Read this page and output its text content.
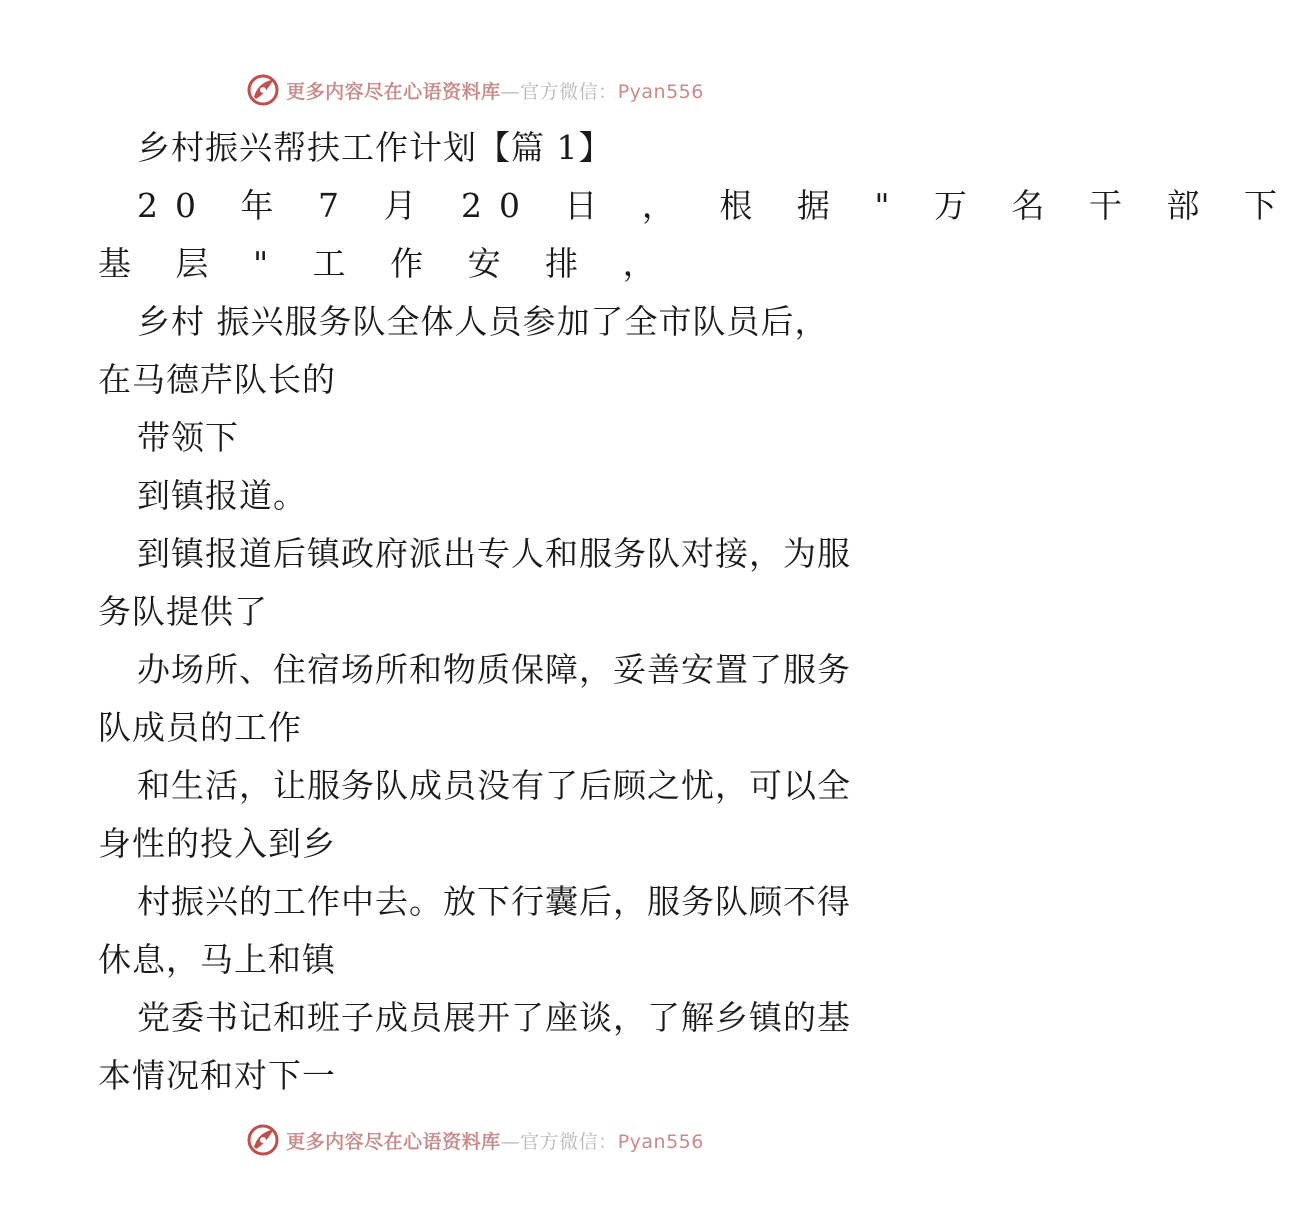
更多内容尽在心语资料库—官方微信：Pyan556

乡村振兴帮扶工作计划【篇 1】

20 年 7 月 20 日 ， 根 据 " 万 名 干 部 下

基 层 " 工 作 安 排 ，

乡村 振兴服务队全体人员参加了全市队员后，

在马德芹队长的

带领下

到镇报道。

到镇报道后镇政府派出专人和服务队对接，为服

务队提供了

办场所、住宿场所和物质保障，妥善安置了服务

队成员的工作

和生活，让服务队成员没有了后顾之忧，可以全

身性的投入到乡

村振兴的工作中去。放下行囊后，服务队顾不得

休息，马上和镇

党委书记和班子成员展开了座谈，了解乡镇的基

本情况和对下一

更多内容尽在心语资料库—官方微信：Pyan556
